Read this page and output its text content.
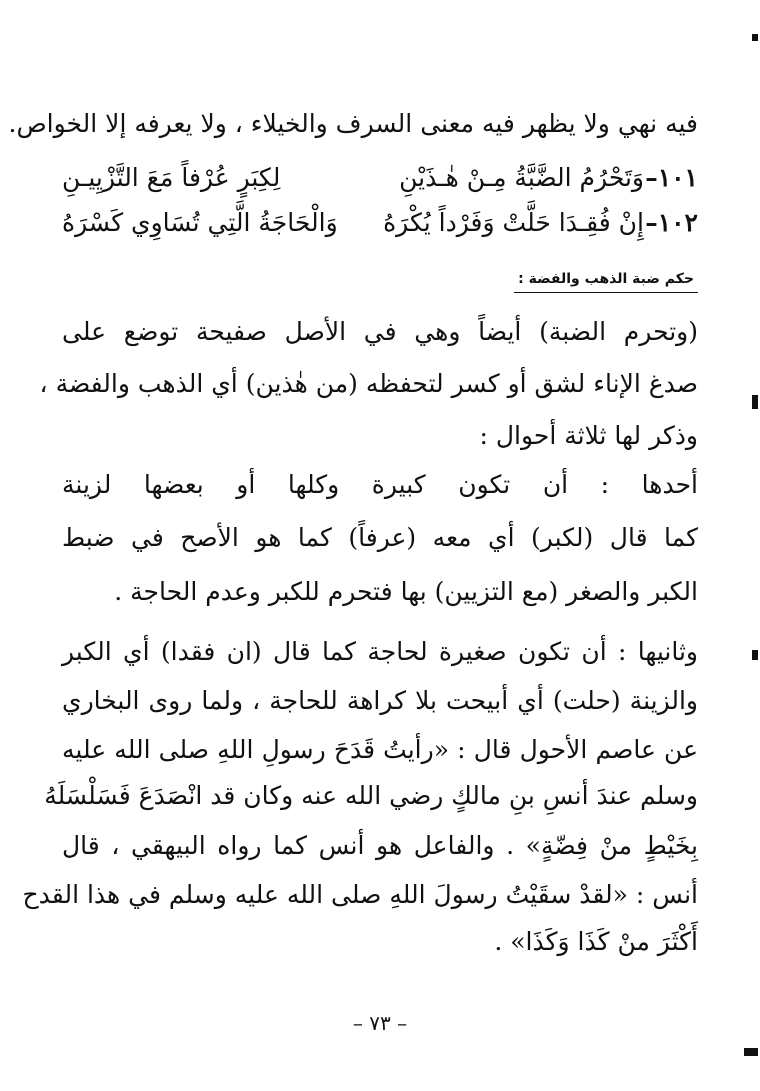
فيه نهي ولا يظهر فيه معنى السرف والخيلاء ، ولا يعرفه إلا الخواص.
١٠١–
وَتَحْرُمُ الضَّبَّةُ مِـنْ هٰـذَيْنِ
لِكِبَرٍ عُرْفاً مَعَ التَّزْيِيـنِ
١٠٢–
إِنْ فُقِـدَا حَلَّتْ وَفَرْداً يُكْرَهُ
وَالْحَاجَةُ الَّتِي تُسَاوِي كَسْرَهُ
حكم ضبة الذهب والفضة :
(وتحرم الضبة) أيضاً وهي في الأصل صفيحة توضع على
صدغ الإناء لشق أو كسر لتحفظه (من هٰذين) أي الذهب والفضة ،
وذكر لها ثلاثة أحوال :
أحدها : أن تكون كبيرة وكلها أو بعضها لزينة
كما قال (لكبر) أي معه (عرفاً) كما هو الأصح في ضبط
الكبر والصغر (مع التزيين) بها فتحرم للكبر وعدم الحاجة .
وثانيها : أن تكون صغيرة لحاجة كما قال (ان فقدا) أي الكبر
والزينة (حلت) أي أبيحت بلا كراهة للحاجة ، ولما روى البخاري
عن عاصم الأحول قال : «رأيتُ قَدَحَ رسولِ اللهِ صلى الله عليه
وسلم عندَ أنسِ بنِ مالكٍ رضي الله عنه وكان قد انْصَدَعَ فَسَلْسَلَهُ
بِخَيْطٍ منْ فِضّةٍ» . والفاعل هو أنس كما رواه البيهقي ، قال
أنس : «لقدْ سقَيْتُ رسولَ اللهِ صلى الله عليه وسلم في هذا القدح
أَكْثَرَ منْ كَذَا وَكَذَا» .
– ٧٣ –
